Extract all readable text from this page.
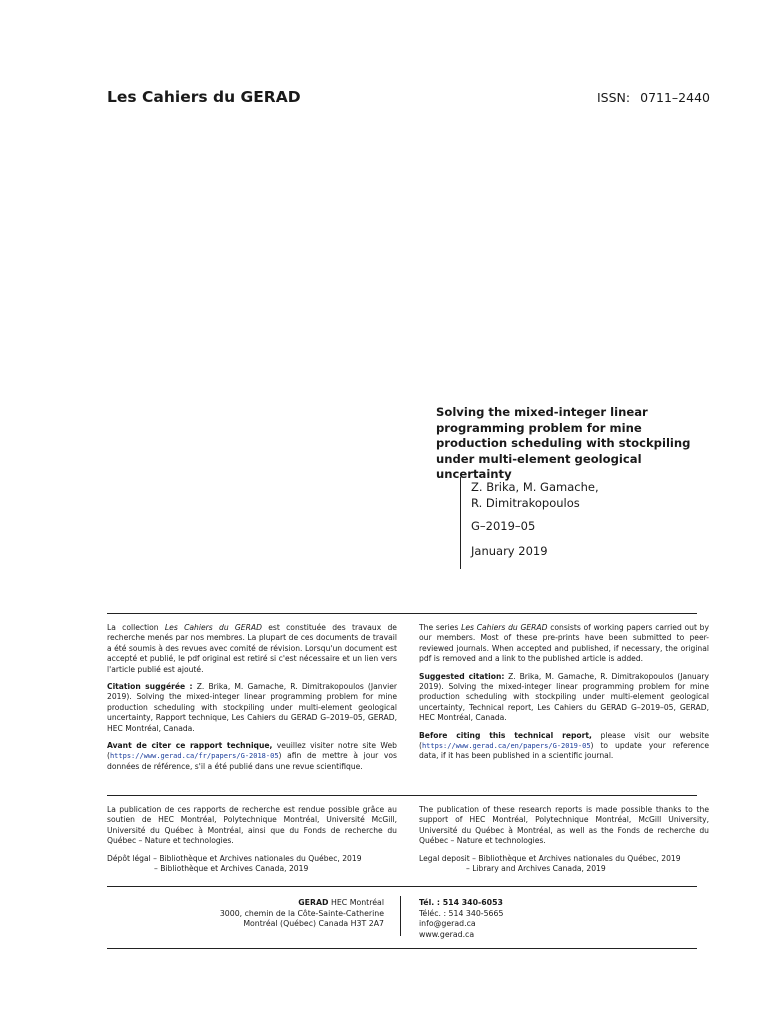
Les Cahiers du GERAD	ISSN: 0711–2440
Solving the mixed-integer linear programming problem for mine production scheduling with stockpiling under multi-element geological uncertainty
Z. Brika, M. Gamache,
R. Dimitrakopoulos
G–2019–05
January 2019

La collection Les Cahiers du GERAD est constituée des travaux de recherche menés par nos membres. La plupart de ces documents de travail a été soumis à des revues avec comité de révision. Lorsqu'un document est accepté et publié, le pdf original est retiré si c'est nécessaire et un lien vers l'article publié est ajouté.

Citation suggérée : Z. Brika, M. Gamache, R. Dimitrakopoulos (Janvier 2019). Solving the mixed-integer linear programming problem for mine production scheduling with stockpiling under multi-element geological uncertainty, Rapport technique, Les Cahiers du GERAD G–2019–05, GERAD, HEC Montréal, Canada.

Avant de citer ce rapport technique, veuillez visiter notre site Web (https://www.gerad.ca/fr/papers/G-2018-05) afin de mettre à jour vos données de référence, s'il a été publié dans une revue scientifique.

The series Les Cahiers du GERAD consists of working papers carried out by our members. Most of these pre-prints have been submitted to peer-reviewed journals. When accepted and published, if necessary, the original pdf is removed and a link to the published article is added.

Suggested citation: Z. Brika, M. Gamache, R. Dimitrakopoulos (January 2019). Solving the mixed-integer linear programming problem for mine production scheduling with stockpiling under multi-element geological uncertainty, Technical report, Les Cahiers du GERAD G–2019–05, GERAD, HEC Montréal, Canada.

Before citing this technical report, please visit our website (https://www.gerad.ca/en/papers/G-2019-05) to update your reference data, if it has been published in a scientific journal.

La publication de ces rapports de recherche est rendue possible grâce au soutien de HEC Montréal, Polytechnique Montréal, Université McGill, Université du Québec à Montréal, ainsi que du Fonds de recherche du Québec – Nature et technologies.

Dépôt légal – Bibliothèque et Archives nationales du Québec, 2019
– Bibliothèque et Archives Canada, 2019

The publication of these research reports is made possible thanks to the support of HEC Montréal, Polytechnique Montréal, McGill University, Université du Québec à Montréal, as well as the Fonds de recherche du Québec – Nature et technologies.

Legal deposit – Bibliothèque et Archives nationales du Québec, 2019
– Library and Archives Canada, 2019

GERAD HEC Montréal
3000, chemin de la Côte-Sainte-Catherine
Montréal (Québec) Canada H3T 2A7
Tél. : 514 340-6053
Téléc. : 514 340-5665
info@gerad.ca
www.gerad.ca
